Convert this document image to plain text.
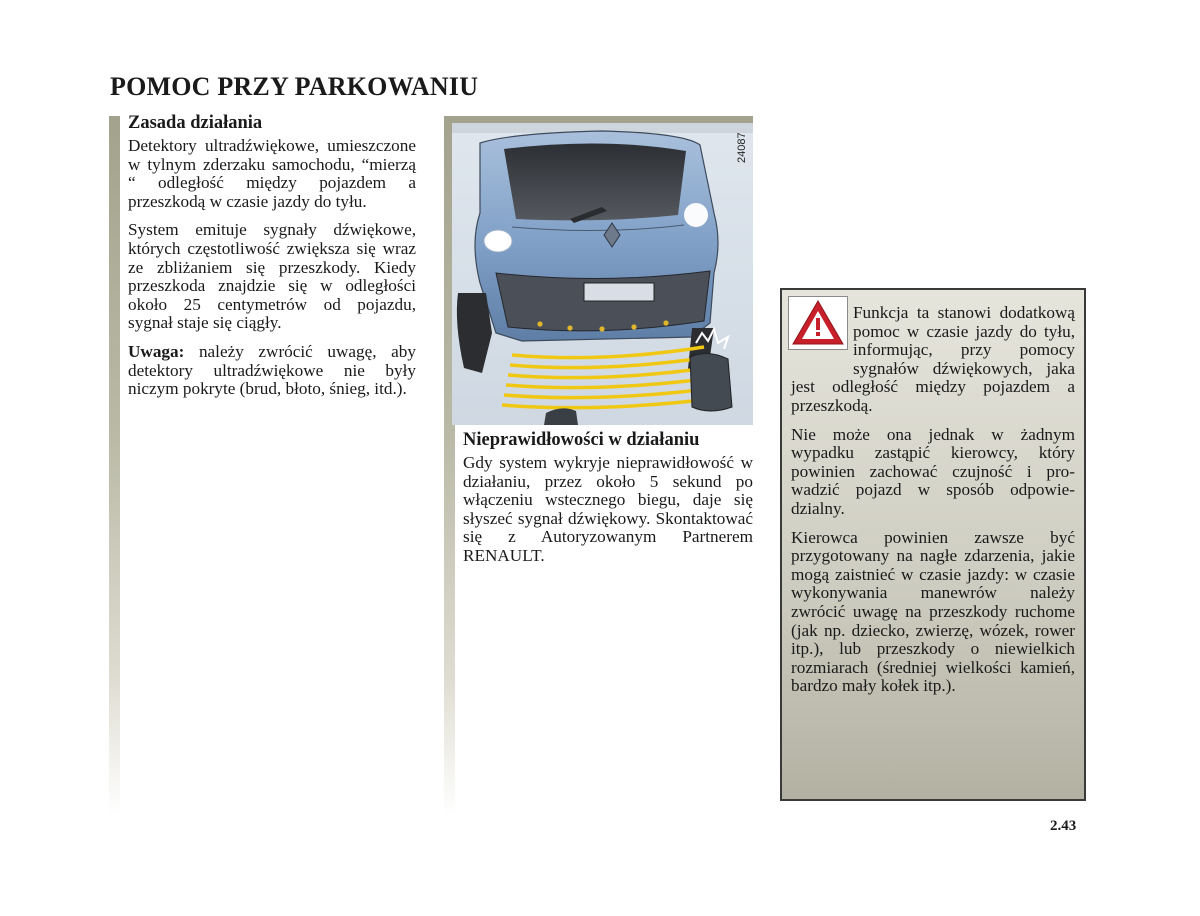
POMOC PRZY PARKOWANIU
Zasada działania

Detektory ultradźwiękowe, umieszczone w tylnym zderzaku samochodu, “mierzą “ odległość między pojazdem a przeszkodą w czasie jazdy do tyłu.

System emituje sygnały dźwiękowe, których częstotliwość zwiększa się wraz ze zbliżaniem się przeszkody. Kiedy przeszkoda znajdzie się w odległości około 25 centymetrów od pojazdu, sygnał staje się ciągły.

Uwaga: należy zwrócić uwagę, aby detektory ultradźwiękowe nie były niczym pokryte (brud, błoto, śnieg, itd.).

24087
Nieprawidłowości w działaniu

Gdy system wykryje nieprawidłowość w działaniu, przez około 5 sekund po włączeniu wstecznego biegu, daje się słyszeć sygnał dźwiękowy. Skontaktować się z Autoryzowanym Partnerem RENAULT.

Funkcja ta stanowi dodatkową pomoc w czasie jazdy do tyłu, informując, przy pomocy sygnałów dźwiękowych, jaka jest odległość między pojazdem a przeszkodą.

Nie może ona jednak w żadnym wypadku zastąpić kierowcy, który powinien zachować czujność i prowadzić pojazd w sposób odpowiedzialny.

Kierowca powinien zawsze być przygotowany na nagłe zdarzenia, jakie mogą zaistnieć w czasie jazdy: w czasie wykonywania manewrów należy zwrócić uwagę na przeszkody ruchome (jak np. dziecko, zwierzę, wózek, rower itp.), lub przeszkody o niewielkich rozmiarach (średniej wielkości kamień, bardzo mały kołek itp.).

2.43
